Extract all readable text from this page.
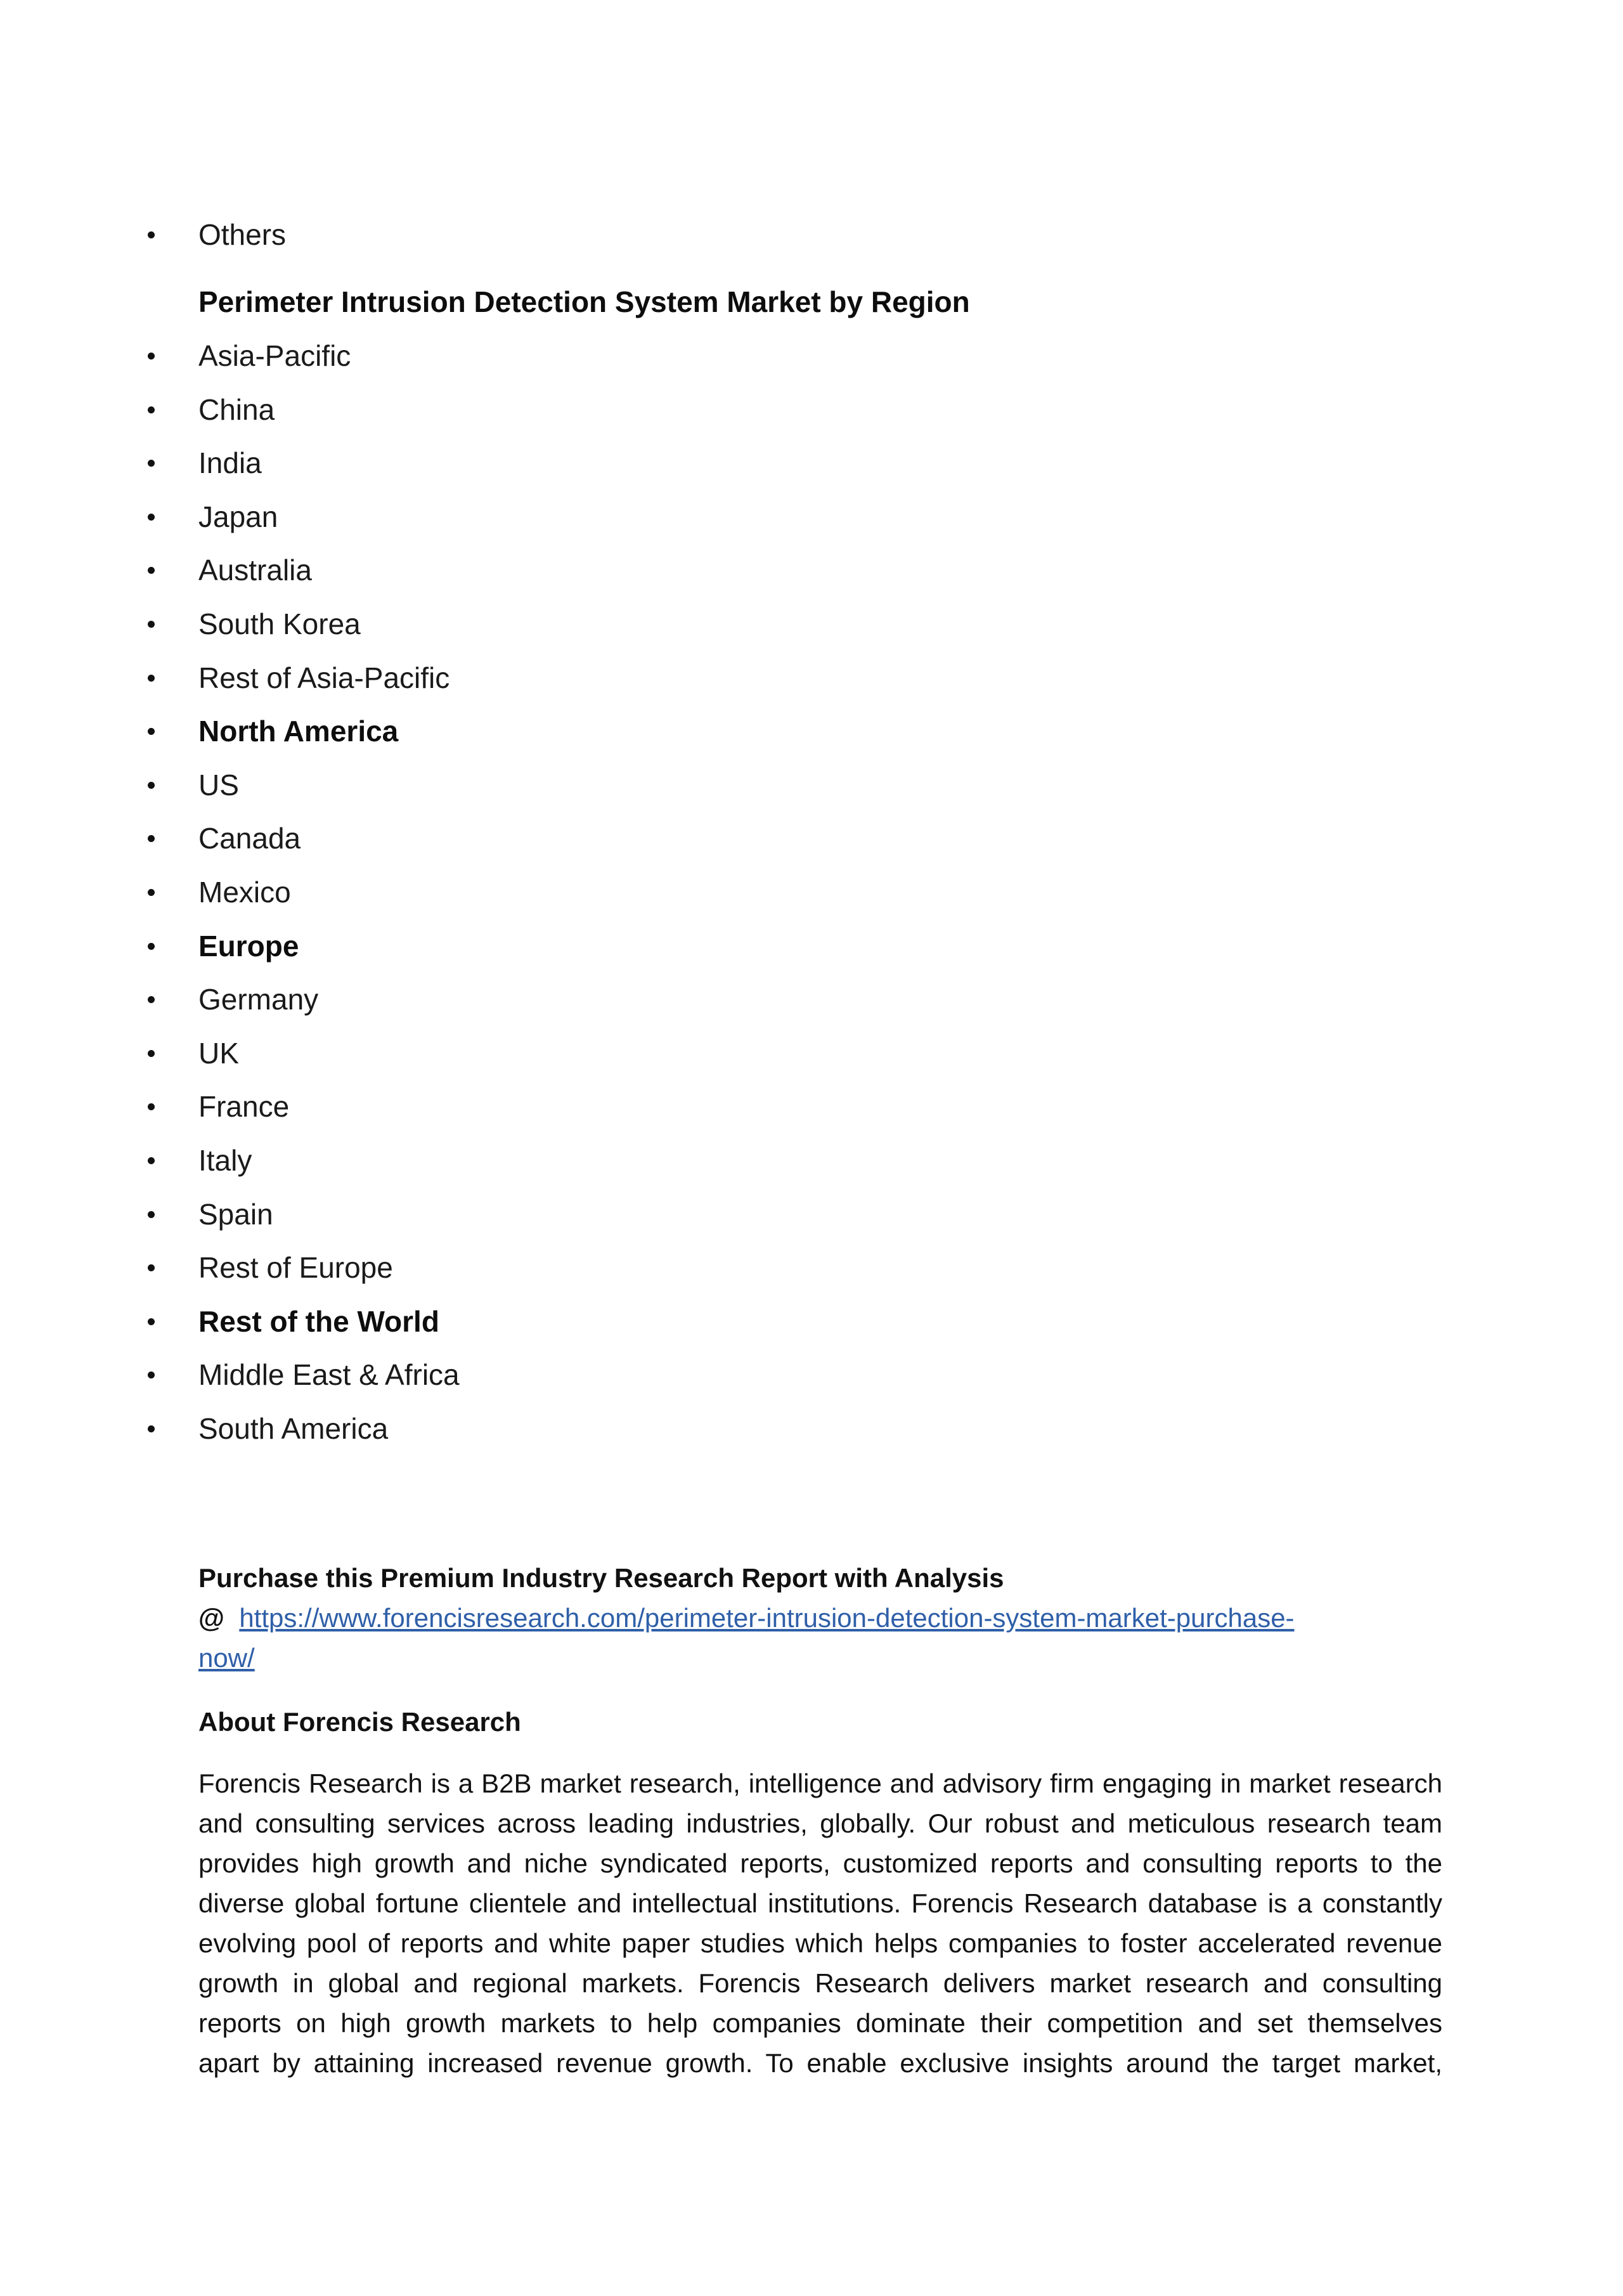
Others
Perimeter Intrusion Detection System Market by Region
Asia-Pacific
China
India
Japan
Australia
South Korea
Rest of Asia-Pacific
North America
US
Canada
Mexico
Europe
Germany
UK
France
Italy
Spain
Rest of Europe
Rest of the World
Middle East & Africa
South America
Purchase this Premium Industry Research Report with Analysis
@ https://www.forencisresearch.com/perimeter-intrusion-detection-system-market-purchase-
now/
About Forencis Research
Forencis Research is a B2B market research, intelligence and advisory firm engaging in market research
and consulting services across leading industries, globally. Our robust and meticulous research team
provides high growth and niche syndicated reports, customized reports and consulting reports to the
diverse global fortune clientele and intellectual institutions. Forencis Research database is a constantly
evolving pool of reports and white paper studies which helps companies to foster accelerated revenue
growth in global and regional markets. Forencis Research delivers market research and consulting
reports on high growth markets to help companies dominate their competition and set themselves
apart by attaining increased revenue growth. To enable exclusive insights around the target market,
